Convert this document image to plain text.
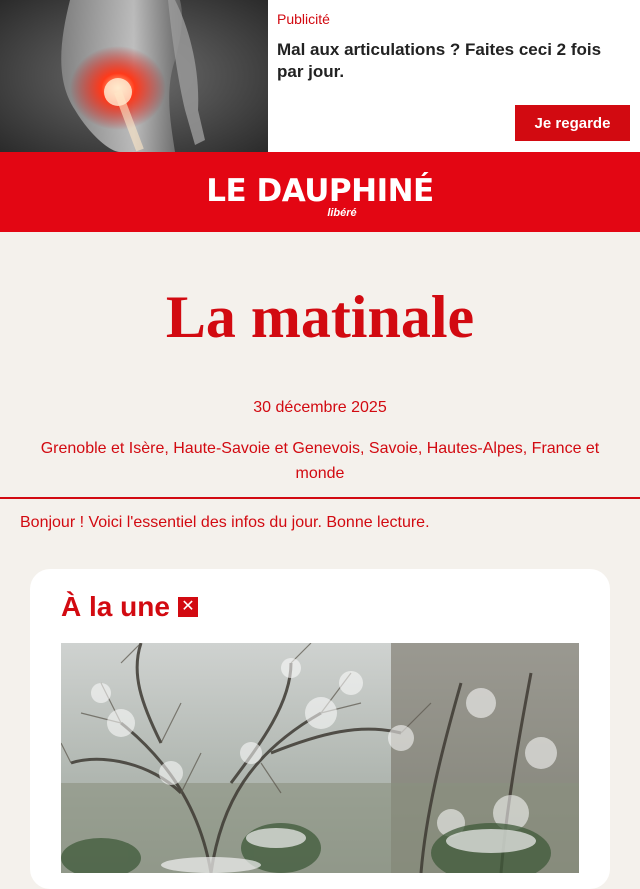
Publicité
Mal aux articulations ? Faites ceci 2 fois par jour.
Je regarde
LE DAUPHINÉ
libéré
La matinale
30 décembre 2025
Grenoble et Isère, Haute-Savoie et Genevois, Savoie, Hautes-Alpes, France et monde
Bonjour ! Voici l'essentiel des infos du jour. Bonne lecture.
À la une ✕
